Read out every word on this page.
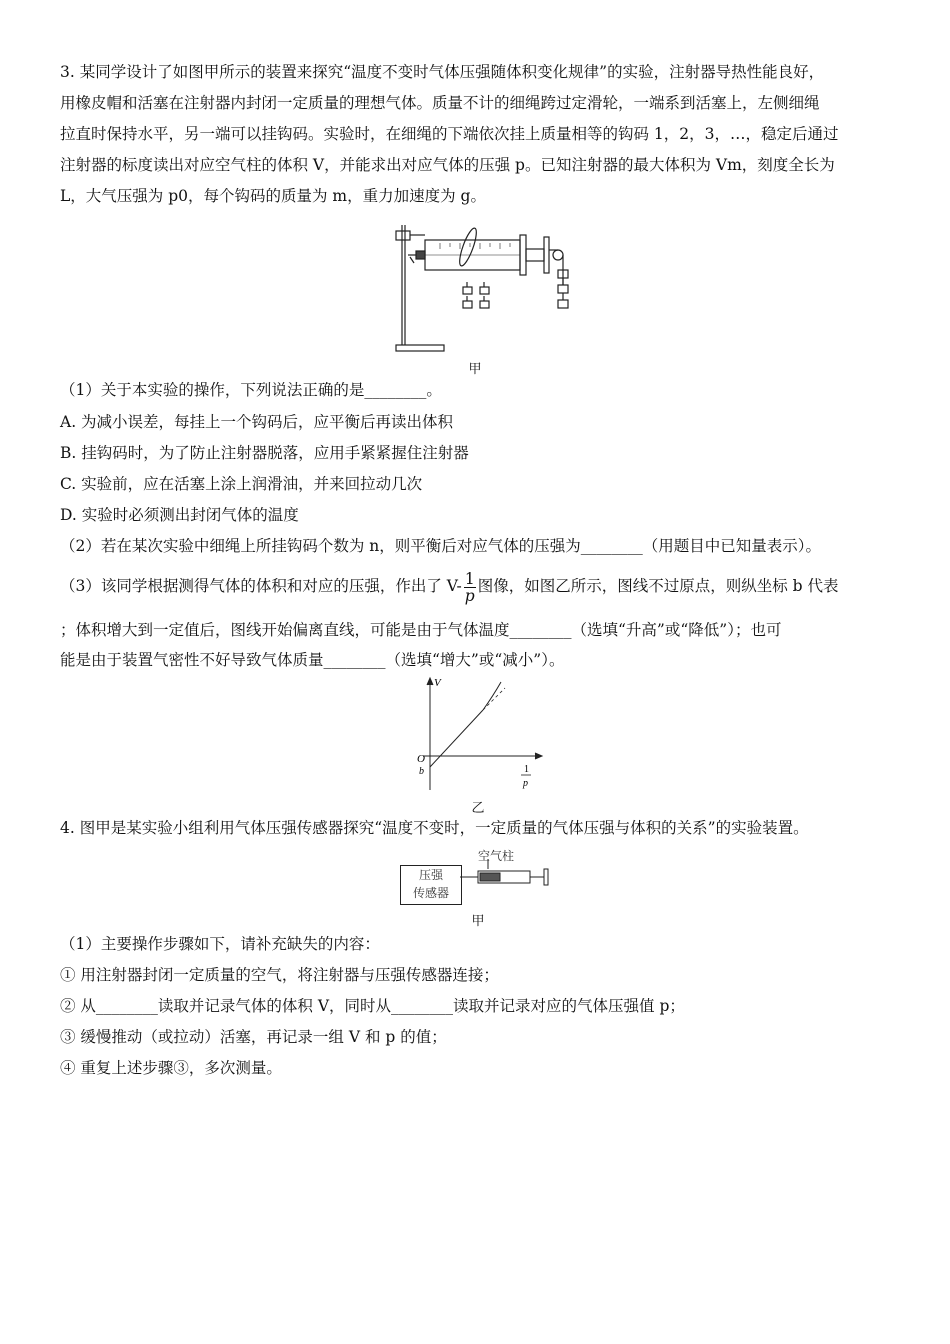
3. 某同学设计了如图甲所示的装置来探究“温度不变时气体压强随体积变化规律”的实验，注射器导热性能良好，
用橡皮帽和活塞在注射器内封闭一定质量的理想气体。质量不计的细绳跨过定滑轮，一端系到活塞上，左侧细绳
拉直时保持水平，另一端可以挂钩码。实验时，在细绳的下端依次挂上质量相等的钩码 1，2，3，…，稳定后通过
注射器的标度读出对应空气柱的体积 V，并能求出对应气体的压强 p。已知注射器的最大体积为 Vm，刻度全长为
L，大气压强为 p0，每个钩码的质量为 m，重力加速度为 g。
甲
（1）关于本实验的操作，下列说法正确的是________。
A. 为减小误差，每挂上一个钩码后，应平衡后再读出体积
B. 挂钩码时，为了防止注射器脱落，应用手紧紧握住注射器
C. 实验前，应在活塞上涂上润滑油，并来回拉动几次
D. 实验时必须测出封闭气体的温度
（2）若在某次实验中细绳上所挂钩码个数为 n，则平衡后对应气体的压强为________（用题目中已知量表示）。
（3）该同学根据测得气体的体积和对应的压强，作出了 $V- \frac{1}{p}$ 图像，如图乙所示，图线不过原点，则纵坐标 b 代表
；体积增大到一定值后，图线开始偏离直线，可能是由于气体温度________（选填“升高”或“降低”）；也可
能是由于装置气密性不好导致气体质量________（选填“增大”或“减小”）。
V
O
b	1
p
乙
4. 图甲是某实验小组利用气体压强传感器探究“温度不变时，一定质量的气体压强与体积的关系”的实验装置。
空气柱
压强
传感器
甲
（1）主要操作步骤如下，请补充缺失的内容：
① 用注射器封闭一定质量的空气，将注射器与压强传感器连接；
② 从________读取并记录气体的体积 V，同时从________读取并记录对应的气体压强值 p；
③ 缓慢推动（或拉动）活塞，再记录一组 V 和 p 的值；
④ 重复上述步骤③，多次测量。
